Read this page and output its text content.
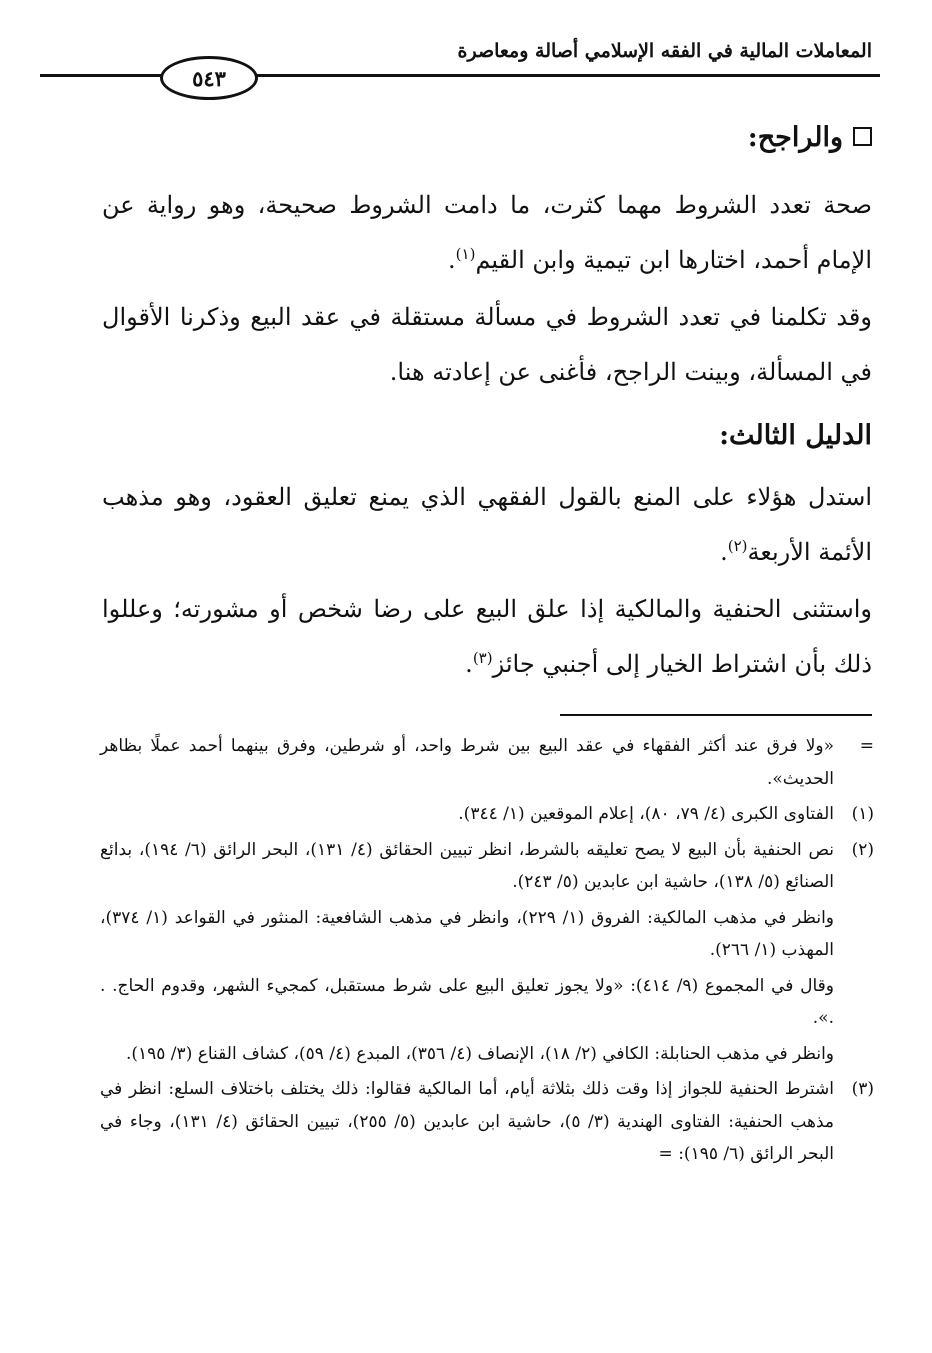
المعاملات المالية في الفقه الإسلامي أصالة ومعاصرة
٥٤٣
والراجح:
صحة تعدد الشروط مهما كثرت، ما دامت الشروط صحيحة، وهو رواية عن الإمام أحمد، اختارها ابن تيمية وابن القيم$^{(١)}$.
وقد تكلمنا في تعدد الشروط في مسألة مستقلة في عقد البيع وذكرنا الأقوال في المسألة، وبينت الراجح، فأغنى عن إعادته هنا.
الدليل الثالث:
استدل هؤلاء على المنع بالقول الفقهي الذي يمنع تعليق العقود، وهو مذهب الأئمة الأربعة$^{(٢)}$.
واستثنى الحنفية والمالكية إذا علق البيع على رضا شخص أو مشورته؛ وعللوا ذلك بأن اشتراط الخيار إلى أجنبي جائز$^{(٣)}$.
=
«ولا فرق عند أكثر الفقهاء في عقد البيع بين شرط واحد، أو شرطين، وفرق بينهما أحمد عملًا بظاهر الحديث».
(١)
الفتاوى الكبرى (٤/ ٧٩، ٨٠)، إعلام الموقعين (١/ ٣٤٤).
(٢)
نص الحنفية بأن البيع لا يصح تعليقه بالشرط، انظر تبيين الحقائق (٤/ ١٣١)، البحر الرائق (٦/ ١٩٤)، بدائع الصنائع (٥/ ١٣٨)، حاشية ابن عابدين (٥/ ٢٤٣).
وانظر في مذهب المالكية: الفروق (١/ ٢٢٩)، وانظر في مذهب الشافعية: المنثور في القواعد (١/ ٣٧٤)، المهذب (١/ ٢٦٦).
وقال في المجموع (٩/ ٤١٤): «ولا يجوز تعليق البيع على شرط مستقبل، كمجيء الشهر، وقدوم الحاج. . .».
وانظر في مذهب الحنابلة: الكافي (٢/ ١٨)، الإنصاف (٤/ ٣٥٦)، المبدع (٤/ ٥٩)، كشاف القناع (٣/ ١٩٥).
(٣)
اشترط الحنفية للجواز إذا وقت ذلك بثلاثة أيام، أما المالكية فقالوا: ذلك يختلف باختلاف السلع: انظر في مذهب الحنفية: الفتاوى الهندية (٣/ ٥)، حاشية ابن عابدين (٥/ ٢٥٥)، تبيين الحقائق (٤/ ١٣١)، وجاء في البحر الرائق (٦/ ١٩٥): =
